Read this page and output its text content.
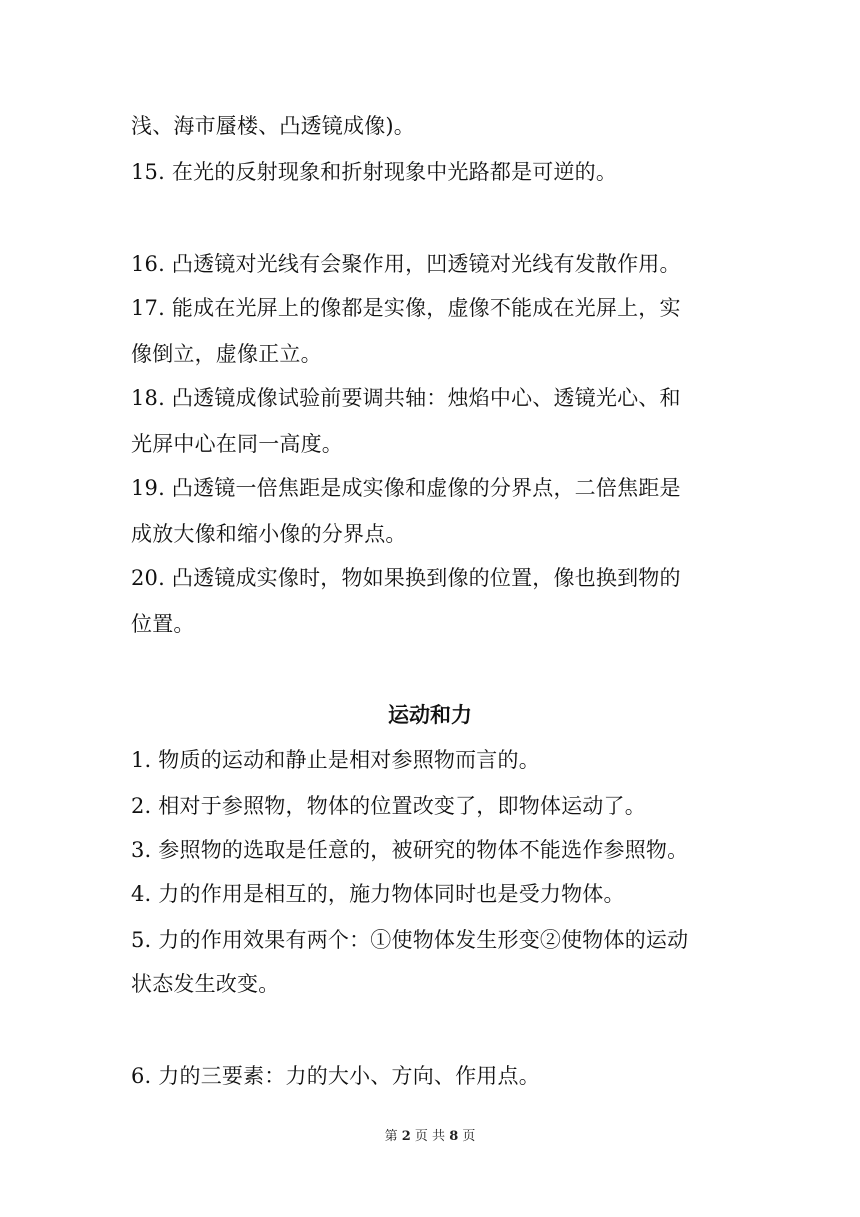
浅、海市蜃楼、凸透镜成像)。
15. 在光的反射现象和折射现象中光路都是可逆的。
16. 凸透镜对光线有会聚作用，凹透镜对光线有发散作用。
17. 能成在光屏上的像都是实像，虚像不能成在光屏上，实
像倒立，虚像正立。
18. 凸透镜成像试验前要调共轴：烛焰中心、透镜光心、和
光屏中心在同一高度。
19. 凸透镜一倍焦距是成实像和虚像的分界点，二倍焦距是
成放大像和缩小像的分界点。
20. 凸透镜成实像时，物如果换到像的位置，像也换到物的
位置。
运动和力
1. 物质的运动和静止是相对参照物而言的。
2. 相对于参照物，物体的位置改变了，即物体运动了。
3. 参照物的选取是任意的，被研究的物体不能选作参照物。
4. 力的作用是相互的，施力物体同时也是受力物体。
5. 力的作用效果有两个：①使物体发生形变②使物体的运动
状态发生改变。
6. 力的三要素：力的大小、方向、作用点。
第 2 页 共 8 页
